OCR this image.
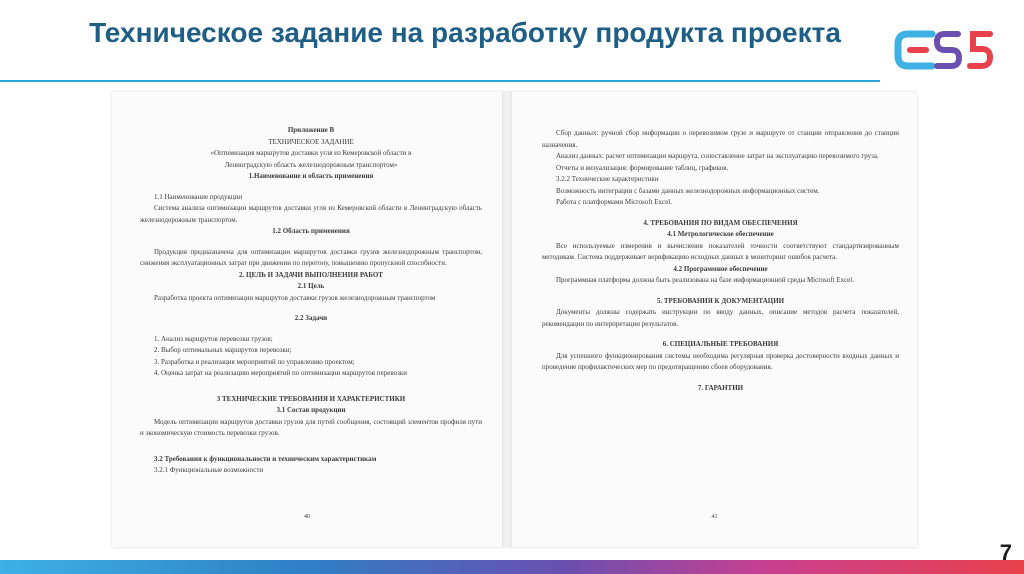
Техническое задание на разработку продукта проекта

Приложение В

ТЕХНИЧЕСКОЕ ЗАДАНИЕ

«Оптимизация маршрутов доставки угля из Кемеровской области в

Ленинградскую область железнодорожным транспортом»

1.Наименование и область применения

1.1 Наименование продукции

Система анализа оптимизации маршрутов доставки угля из Кемеровской области в Ленинградскую область железнодорожным транспортом.

1.2 Область применения

Продукция предназначена для оптимизации маршрутов доставки грузов железнодорожным транспортом, снижения эксплуатационных затрат при движении по перегону, повышению пропускной способности.

2. ЦЕЛЬ И ЗАДАЧИ ВЫПОЛНЕНИЯ РАБОТ

2.1 Цель

Разработка проекта оптимизации маршрутов доставки грузов железнодорожным транспортом

2.2 Задачи

1. Анализ маршрутов перевозки грузов;

2. Выбор оптимальных маршрутов перевозки;

3. Разработка и реализация мероприятий по управлению проектом;

4. Оценка затрат на реализацию мероприятий по оптимизации маршрутов перевозки

3 ТЕХНИЧЕСКИЕ ТРЕБОВАНИЯ И ХАРАКТЕРИСТИКИ

3.1 Состав продукции

Модель оптимизации маршрутов доставки грузов для путей сообщения, состоящий элементов профиля пути и экономическую стоимость перевозки грузов.

3.2 Требования к функциональности и техническим характеристикам

3.2.1 Функциональные возможности

40

Сбор данных: ручной сбор информации о перевозимом грузе и маршруте от станции отправления до станции назначения.

Анализ данных: расчет оптимизации маршрута, сопоставление затрат на эксплуатацию перевозимого груза.

Отчеты и визуализация: формирование таблиц, графиков.

3.2.2 Технические характеристики

Возможность интеграции с базами данных железнодорожных информационных систем.

Работа с платформами Microsoft Excel.

4. ТРЕБОВАНИЯ ПО ВИДАМ ОБЕСПЕЧЕНИЯ

4.1 Метрологическое обеспечение

Все используемые измерения и вычисления показателей точности соответствуют стандартизированным методикам. Система поддерживает верификацию исходных данных в мониторинг ошибок расчета.

4.2 Программное обеспечение

Программная платформа должна быть реализована на базе информационной среды Microsoft Excel.

5. ТРЕБОВАНИЯ К ДОКУМЕНТАЦИИ

Документы должны содержать инструкции по вводу данных, описание методов расчета показателей, рекомендации по интерпретации результатов.

6. СПЕЦИАЛЬНЫЕ ТРЕБОВАНИЯ

Для успешного функционирования системы необходима регулярная проверка достоверности входных данных и проведение профилактических мер по предотвращению сбоев оборудования.

7. ГАРАНТИИ

41

7
